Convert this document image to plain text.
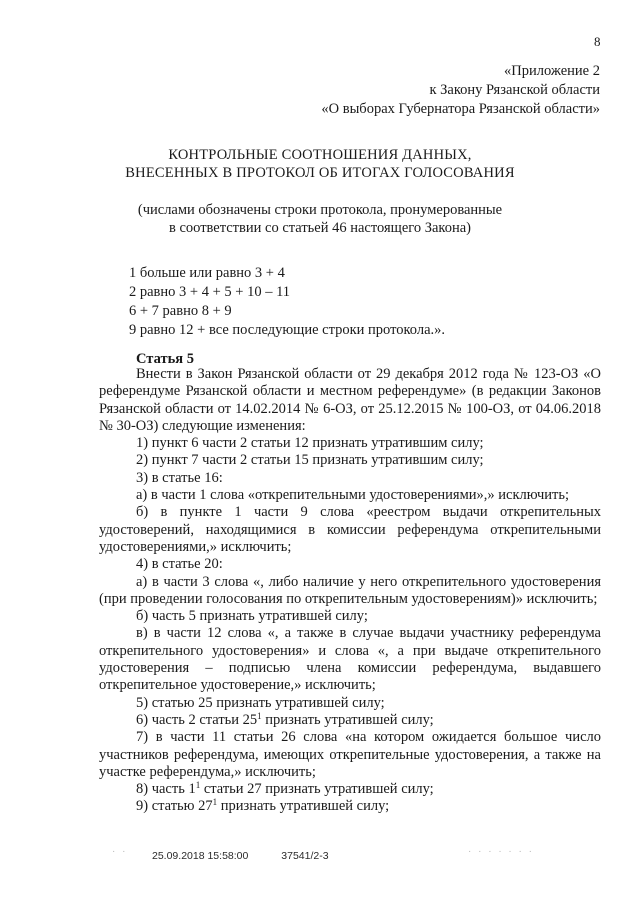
8
«Приложение 2
к Закону Рязанской области
«О выборах Губернатора Рязанской области»
КОНТРОЛЬНЫЕ СООТНОШЕНИЯ ДАННЫХ,
ВНЕСЕННЫХ В ПРОТОКОЛ ОБ ИТОГАХ ГОЛОСОВАНИЯ
(числами обозначены строки протокола, пронумерованные
в соответствии со статьей 46 настоящего Закона)
1 больше или равно 3 + 4
2 равно 3 + 4 + 5 + 10 – 11
6 + 7 равно 8 + 9
9 равно 12 + все последующие строки протокола.».
Статья 5

Внести в Закон Рязанской области от 29 декабря 2012 года № 123-ОЗ «О референдуме Рязанской области и местном референдуме» (в редакции Законов Рязанской области от 14.02.2014 № 6-ОЗ, от 25.12.2015 № 100-ОЗ, от 04.06.2018 № 30-ОЗ) следующие изменения:

1) пункт 6 части 2 статьи 12 признать утратившим силу;

2) пункт 7 части 2 статьи 15 признать утратившим силу;

3) в статье 16:

а) в части 1 слова «открепительными удостоверениями»,» исключить;

б) в пункте 1 части 9 слова «реестром выдачи открепительных удостоверений, находящимися в комиссии референдума открепительными удостоверениями,» исключить;

4) в статье 20:

а) в части 3 слова «, либо наличие у него открепительного удостоверения (при проведении голосования по открепительным удостоверениям)» исключить;

б) часть 5 признать утратившей силу;

в) в части 12 слова «, а также в случае выдачи участнику референдума открепительного удостоверения» и слова «, а при выдаче открепительного удостоверения – подписью члена комиссии референдума, выдавшего открепительное удостоверение,» исключить;

5) статью 25 признать утратившей силу;

6) часть 2 статьи $25^1$ признать утратившей силу;

7) в части 11 статьи 26 слова «на котором ожидается большое число участников референдума, имеющих открепительные удостоверения, а также на участке референдума,» исключить;

8) часть $1^1$ статьи 27 признать утратившей силу;

9) статью $27^1$ признать утратившей силу;

25.09.2018 15:58:00	37541/2-3
· ·	· · · · · · ·
